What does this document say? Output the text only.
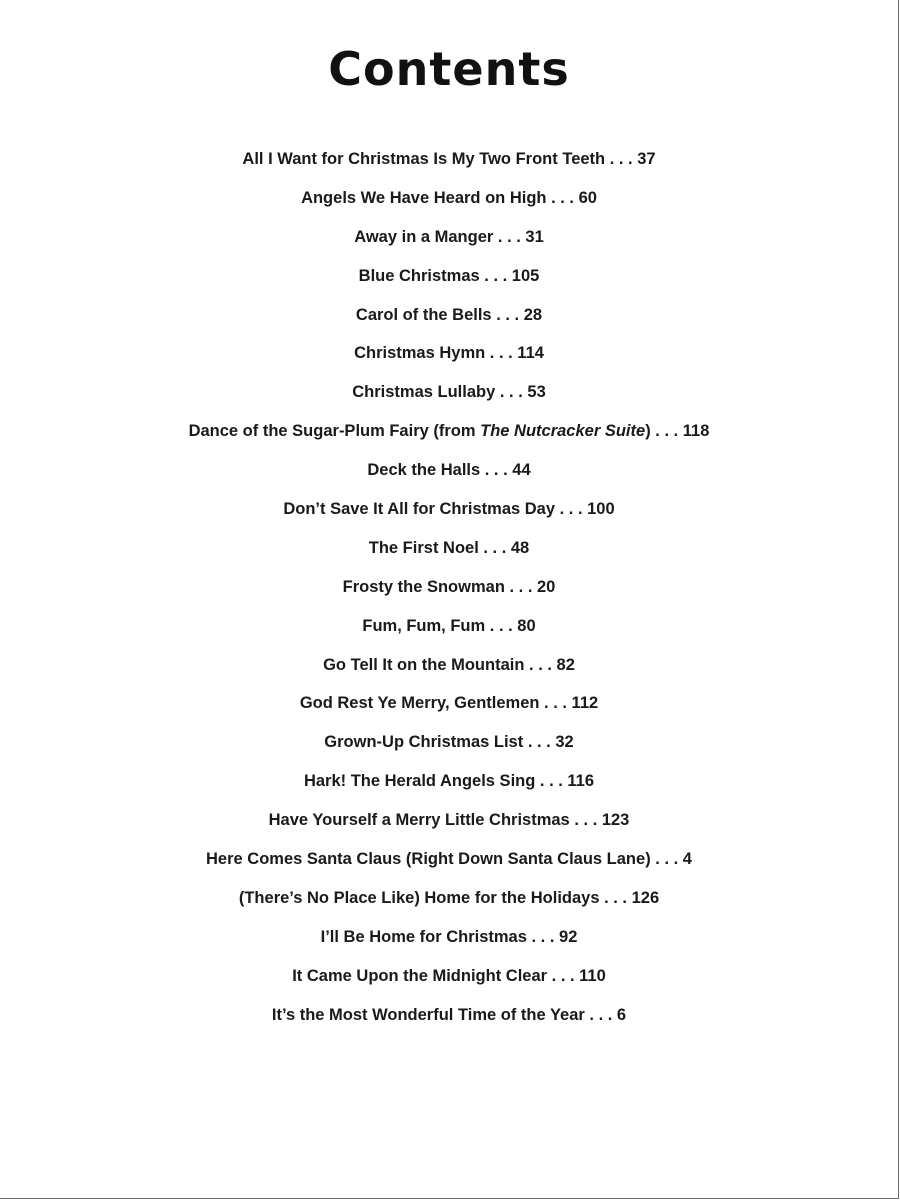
Contents
All I Want for Christmas Is My Two Front Teeth . . . 37
Angels We Have Heard on High . . . 60
Away in a Manger . . . 31
Blue Christmas . . . 105
Carol of the Bells . . . 28
Christmas Hymn . . . 114
Christmas Lullaby . . . 53
Dance of the Sugar-Plum Fairy (from The Nutcracker Suite) . . . 118
Deck the Halls . . . 44
Don’t Save It All for Christmas Day . . . 100
The First Noel . . . 48
Frosty the Snowman . . . 20
Fum, Fum, Fum . . . 80
Go Tell It on the Mountain . . . 82
God Rest Ye Merry, Gentlemen . . . 112
Grown-Up Christmas List . . . 32
Hark! The Herald Angels Sing . . . 116
Have Yourself a Merry Little Christmas . . . 123
Here Comes Santa Claus (Right Down Santa Claus Lane) . . . 4
(There’s No Place Like) Home for the Holidays . . . 126
I’ll Be Home for Christmas . . . 92
It Came Upon the Midnight Clear . . . 110
It’s the Most Wonderful Time of the Year . . . 6
